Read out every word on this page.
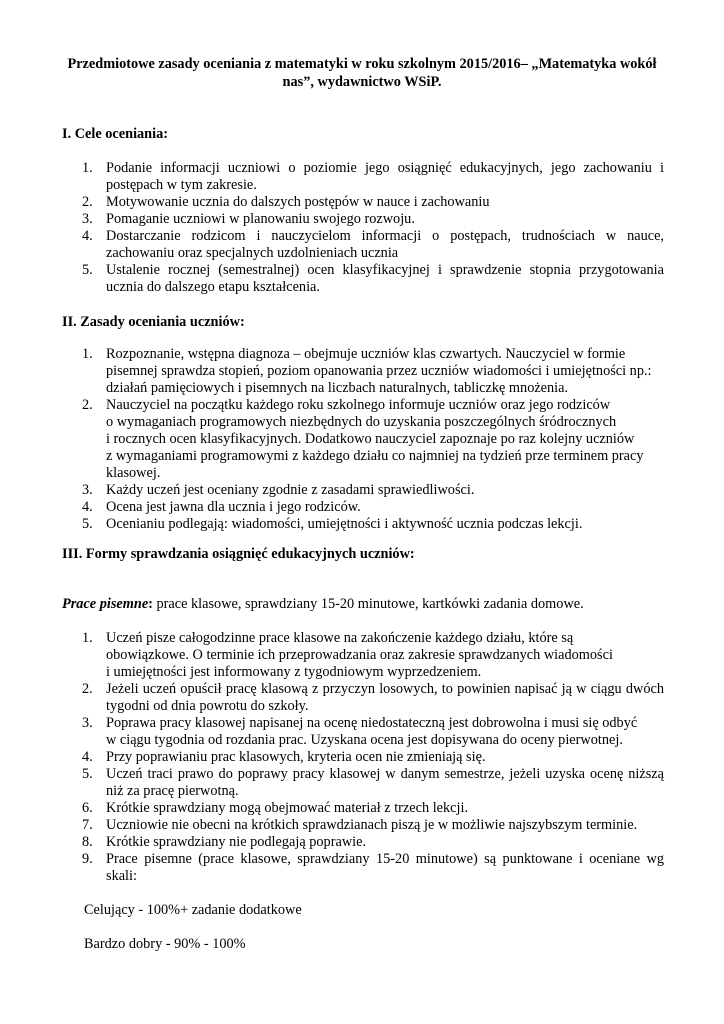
Przedmiotowe zasady oceniania z matematyki w roku szkolnym 2015/2016– „Matematyka wokół
nas”, wydawnictwo WSiP.
I. Cele oceniania:
1. Podanie informacji uczniowi o poziomie jego osiągnięć edukacyjnych, jego zachowaniu i postępach w tym zakresie.
2. Motywowanie ucznia do dalszych postępów w nauce i zachowaniu
3. Pomaganie uczniowi w planowaniu swojego rozwoju.
4. Dostarczanie rodzicom i nauczycielom informacji o postępach, trudnościach w nauce, zachowaniu oraz specjalnych uzdolnieniach ucznia
5. Ustalenie rocznej (semestralnej) ocen klasyfikacyjnej i sprawdzenie stopnia przygotowania ucznia do dalszego etapu kształcenia.
II. Zasady oceniania uczniów:
1. Rozpoznanie, wstępna diagnoza – obejmuje uczniów klas czwartych. Nauczyciel w formie
pisemnej sprawdza stopień, poziom opanowania przez uczniów wiadomości i umiejętności np.:
działań pamięciowych i pisemnych na liczbach naturalnych, tabliczkę mnożenia.
2. Nauczyciel na początku każdego roku szkolnego informuje uczniów oraz jego rodziców
o wymaganiach programowych niezbędnych do uzyskania poszczególnych śródrocznych
i rocznych ocen klasyfikacyjnych. Dodatkowo nauczyciel zapoznaje po raz kolejny uczniów
z wymaganiami programowymi z każdego działu co najmniej na tydzień prze terminem pracy
klasowej.
3. Każdy uczeń jest oceniany zgodnie z zasadami sprawiedliwości.
4. Ocena jest jawna dla ucznia i jego rodziców.
5. Ocenianiu podlegają: wiadomości, umiejętności i aktywność ucznia podczas lekcji.
III. Formy sprawdzania osiągnięć edukacyjnych uczniów:
Prace pisemne: prace klasowe, sprawdziany 15-20 minutowe, kartkówki zadania domowe.
1. Uczeń pisze całogodzinne prace klasowe na zakończenie każdego działu, które są
obowiązkowe. O terminie ich przeprowadzania oraz zakresie sprawdzanych wiadomości
i umiejętności jest informowany z tygodniowym wyprzedzeniem.
2. Jeżeli uczeń opuścił pracę klasową z przyczyn losowych, to powinien napisać ją w ciągu dwóch tygodni od dnia powrotu do szkoły.
3. Poprawa pracy klasowej napisanej na ocenę niedostateczną jest dobrowolna i musi się odbyć
w ciągu tygodnia od rozdania prac. Uzyskana ocena jest dopisywana do oceny pierwotnej.
4. Przy poprawianiu prac klasowych, kryteria ocen nie zmieniają się.
5. Uczeń traci prawo do poprawy pracy klasowej w danym semestrze, jeżeli uzyska ocenę niższą niż za pracę pierwotną.
6. Krótkie sprawdziany mogą obejmować materiał z trzech lekcji.
7. Uczniowie nie obecni na krótkich sprawdzianach piszą je w możliwie najszybszym terminie.
8. Krótkie sprawdziany nie podlegają poprawie.
9. Prace pisemne (prace klasowe, sprawdziany 15-20 minutowe) są punktowane i oceniane wg skali:
Celujący - 100%+ zadanie dodatkowe
Bardzo dobry - 90% - 100%
